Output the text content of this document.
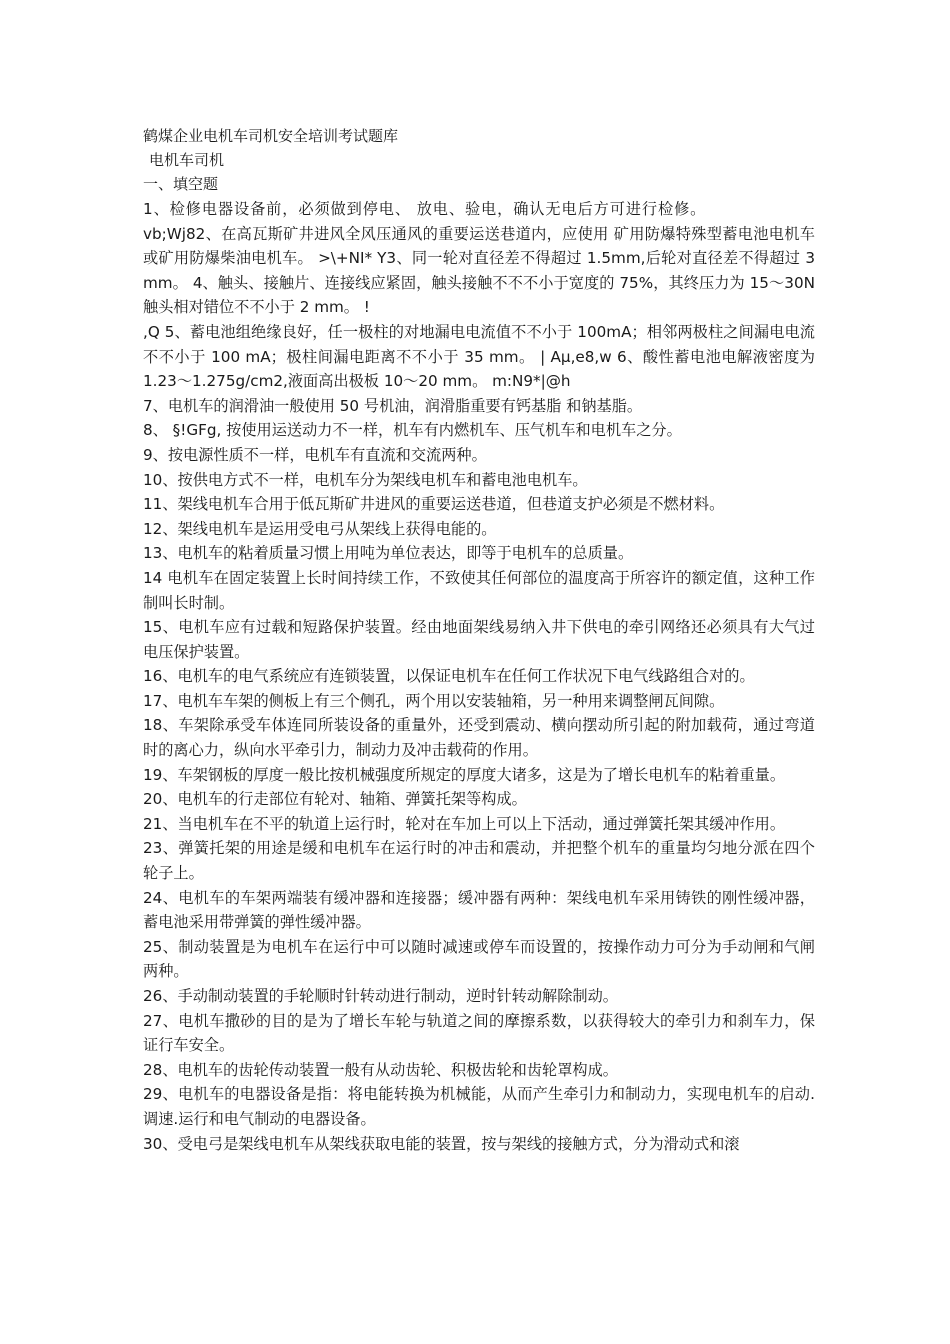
鹤煤企业电机车司机安全培训考试题库

电机车司机

一、填空题

1、检修电器设备前，必须做到停电、 放电、验电，确认无电后方可进行检修。

vb;Wj82、在高瓦斯矿井进风全风压通风的重要运送巷道内，应使用 矿用防爆特殊型蓄电池电机车或矿用防爆柴油电机车。 >\+NI* Y3、同一轮对直径差不得超过 1.5mm,后轮对直径差不得超过 3 mm。 4、触头、接触片、连接线应紧固，触头接触不不不小于宽度的 75%，其终压力为 15～30N 触头相对错位不不小于 2 mm。 !

,Q 5、蓄电池组绝缘良好，任一极柱的对地漏电电流值不不小于 100mA；相邻两极柱之间漏电电流不不小于 100 mA；极柱间漏电距离不不小于 35 mm。 | Aµ,e8,w 6、酸性蓄电池电解液密度为 1.23～1.275g/cm2,液面高出极板 10～20 mm。 m:N9*|@h

7、电机车的润滑油一般使用 50 号机油，润滑脂重要有钙基脂 和钠基脂。

8、 §!GFg, 按使用运送动力不一样，机车有内燃机车、压气机车和电机车之分。

9、按电源性质不一样，电机车有直流和交流两种。

10、按供电方式不一样，电机车分为架线电机车和蓄电池电机车。

11、架线电机车合用于低瓦斯矿井进风的重要运送巷道，但巷道支护必须是不燃材料。

12、架线电机车是运用受电弓从架线上获得电能的。

13、电机车的粘着质量习惯上用吨为单位表达，即等于电机车的总质量。

14 电机车在固定装置上长时间持续工作，不致使其任何部位的温度高于所容许的额定值，这种工作制叫长时制。

15、电机车应有过载和短路保护装置。经由地面架线易纳入井下供电的牵引网络还必须具有大气过电压保护装置。

16、电机车的电气系统应有连锁装置，以保证电机车在任何工作状况下电气线路组合对的。

17、电机车车架的侧板上有三个侧孔，两个用以安装轴箱，另一种用来调整闸瓦间隙。

18、车架除承受车体连同所装设备的重量外，还受到震动、横向摆动所引起的附加载荷，通过弯道时的离心力，纵向水平牵引力，制动力及冲击载荷的作用。

19、车架钢板的厚度一般比按机械强度所规定的厚度大诸多，这是为了增长电机车的粘着重量。

20、电机车的行走部位有轮对、轴箱、弹簧托架等构成。

21、当电机车在不平的轨道上运行时，轮对在车加上可以上下活动，通过弹簧托架其缓冲作用。

23、弹簧托架的用途是缓和电机车在运行时的冲击和震动，并把整个机车的重量均匀地分派在四个轮子上。

24、电机车的车架两端装有缓冲器和连接器；缓冲器有两种：架线电机车采用铸铁的刚性缓冲器，蓄电池采用带弹簧的弹性缓冲器。

25、制动装置是为电机车在运行中可以随时减速或停车而设置的，按操作动力可分为手动闸和气闸两种。

26、手动制动装置的手轮顺时针转动进行制动，逆时针转动解除制动。

27、电机车撒砂的目的是为了增长车轮与轨道之间的摩擦系数，以获得较大的牵引力和刹车力，保证行车安全。

28、电机车的齿轮传动装置一般有从动齿轮、积极齿轮和齿轮罩构成。

29、电机车的电器设备是指：将电能转换为机械能，从而产生牵引力和制动力，实现电机车的启动.调速.运行和电气制动的电器设备。

30、受电弓是架线电机车从架线获取电能的装置，按与架线的接触方式，分为滑动式和滚
